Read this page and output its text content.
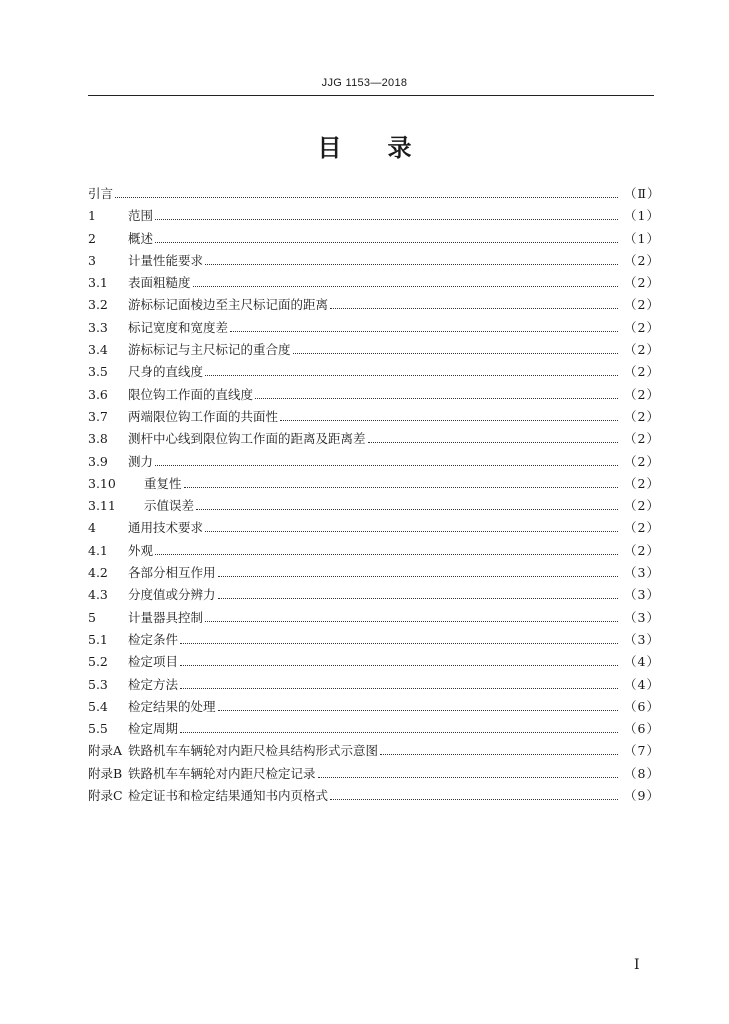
JJG 1153—2018
目录
引言	（Ⅱ）
1	范围	（1）
2	概述	（1）
3	计量性能要求	（2）
3.1	表面粗糙度	（2）
3.2	游标标记面棱边至主尺标记面的距离	（2）
3.3	标记宽度和宽度差	（2）
3.4	游标标记与主尺标记的重合度	（2）
3.5	尺身的直线度	（2）
3.6	限位钩工作面的直线度	（2）
3.7	两端限位钩工作面的共面性	（2）
3.8	测杆中心线到限位钩工作面的距离及距离差	（2）
3.9	测力	（2）
3.10	重复性	（2）
3.11	示值误差	（2）
4	通用技术要求	（2）
4.1	外观	（2）
4.2	各部分相互作用	（3）
4.3	分度值或分辨力	（3）
5	计量器具控制	（3）
5.1	检定条件	（3）
5.2	检定项目	（4）
5.3	检定方法	（4）
5.4	检定结果的处理	（6）
5.5	检定周期	（6）
附录A 铁路机车车辆轮对内距尺检具结构形式示意图	（7）
附录B 铁路机车车辆轮对内距尺检定记录	（8）
附录C 检定证书和检定结果通知书内页格式	（9）
I
